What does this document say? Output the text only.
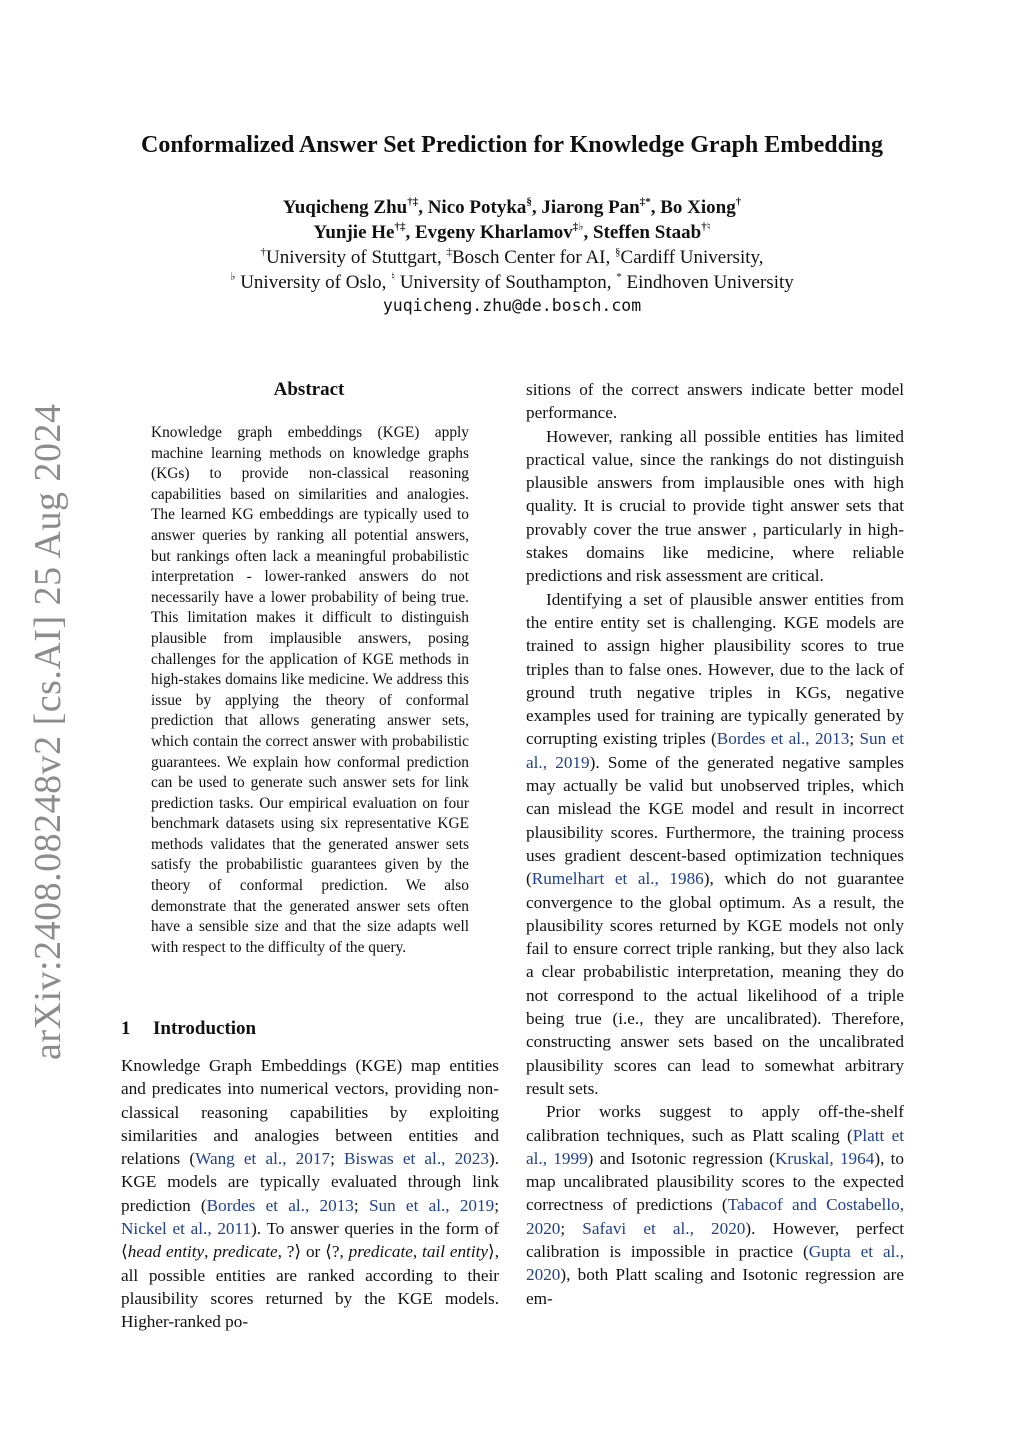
arXiv:2408.08248v2 [cs.AI] 25 Aug 2024
Conformalized Answer Set Prediction for Knowledge Graph Embedding
Yuqicheng Zhu†‡, Nico Potyka§, Jiarong Pan‡*, Bo Xiong†
Yunjie He†‡, Evgeny Kharlamov‡♭, Steffen Staab†♮
†University of Stuttgart, ‡Bosch Center for AI, §Cardiff University,
♭ University of Oslo, ♮ University of Southampton, * Eindhoven University
yuqicheng.zhu@de.bosch.com
Abstract
Knowledge graph embeddings (KGE) apply machine learning methods on knowledge graphs (KGs) to provide non-classical reasoning capabilities based on similarities and analogies. The learned KG embeddings are typically used to answer queries by ranking all potential answers, but rankings often lack a meaningful probabilistic interpretation - lower-ranked answers do not necessarily have a lower probability of being true. This limitation makes it difficult to distinguish plausible from implausible answers, posing challenges for the application of KGE methods in high-stakes domains like medicine. We address this issue by applying the theory of conformal prediction that allows generating answer sets, which contain the correct answer with probabilistic guarantees. We explain how conformal prediction can be used to generate such answer sets for link prediction tasks. Our empirical evaluation on four benchmark datasets using six representative KGE methods validates that the generated answer sets satisfy the probabilistic guarantees given by the theory of conformal prediction. We also demonstrate that the generated answer sets often have a sensible size and that the size adapts well with respect to the difficulty of the query.
1 Introduction
Knowledge Graph Embeddings (KGE) map entities and predicates into numerical vectors, providing non-classical reasoning capabilities by exploiting similarities and analogies between entities and relations (Wang et al., 2017; Biswas et al., 2023). KGE models are typically evaluated through link prediction (Bordes et al., 2013; Sun et al., 2019; Nickel et al., 2011). To answer queries in the form of ⟨head entity, predicate, ?⟩ or ⟨?, predicate, tail entity⟩, all possible entities are ranked according to their plausibility scores returned by the KGE models. Higher-ranked po-

sitions of the correct answers indicate better model performance.

However, ranking all possible entities has limited practical value, since the rankings do not distinguish plausible answers from implausible ones with high quality. It is crucial to provide tight answer sets that provably cover the true answer , particularly in high-stakes domains like medicine, where reliable predictions and risk assessment are critical.

Identifying a set of plausible answer entities from the entire entity set is challenging. KGE models are trained to assign higher plausibility scores to true triples than to false ones. However, due to the lack of ground truth negative triples in KGs, negative examples used for training are typically generated by corrupting existing triples (Bordes et al., 2013; Sun et al., 2019). Some of the generated negative samples may actually be valid but unobserved triples, which can mislead the KGE model and result in incorrect plausibility scores. Furthermore, the training process uses gradient descent-based optimization techniques (Rumelhart et al., 1986), which do not guarantee convergence to the global optimum. As a result, the plausibility scores returned by KGE models not only fail to ensure correct triple ranking, but they also lack a clear probabilistic interpretation, meaning they do not correspond to the actual likelihood of a triple being true (i.e., they are uncalibrated). Therefore, constructing answer sets based on the uncalibrated plausibility scores can lead to somewhat arbitrary result sets.

Prior works suggest to apply off-the-shelf calibration techniques, such as Platt scaling (Platt et al., 1999) and Isotonic regression (Kruskal, 1964), to map uncalibrated plausibility scores to the expected correctness of predictions (Tabacof and Costabello, 2020; Safavi et al., 2020). However, perfect calibration is impossible in practice (Gupta et al., 2020), both Platt scaling and Isotonic regression are em-
